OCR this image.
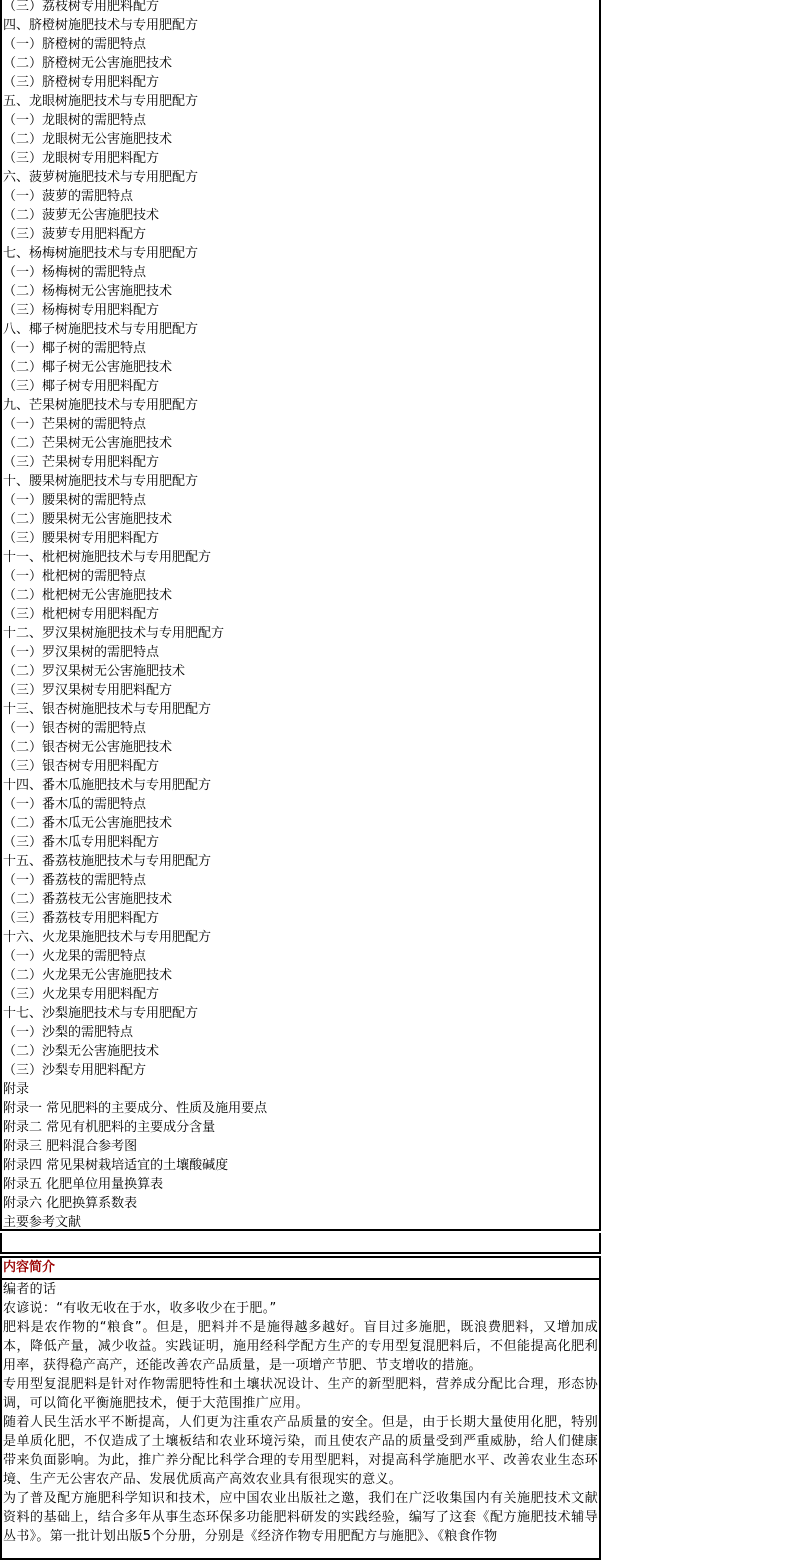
（三）荔枝树专用肥料配方
四、脐橙树施肥技术与专用肥配方
（一）脐橙树的需肥特点
（二）脐橙树无公害施肥技术
（三）脐橙树专用肥料配方
五、龙眼树施肥技术与专用肥配方
（一）龙眼树的需肥特点
（二）龙眼树无公害施肥技术
（三）龙眼树专用肥料配方
六、菠萝树施肥技术与专用肥配方
（一）菠萝的需肥特点
（二）菠萝无公害施肥技术
（三）菠萝专用肥料配方
七、杨梅树施肥技术与专用肥配方
（一）杨梅树的需肥特点
（二）杨梅树无公害施肥技术
（三）杨梅树专用肥料配方
八、椰子树施肥技术与专用肥配方
（一）椰子树的需肥特点
（二）椰子树无公害施肥技术
（三）椰子树专用肥料配方
九、芒果树施肥技术与专用肥配方
（一）芒果树的需肥特点
（二）芒果树无公害施肥技术
（三）芒果树专用肥料配方
十、腰果树施肥技术与专用肥配方
（一）腰果树的需肥特点
（二）腰果树无公害施肥技术
（三）腰果树专用肥料配方
十一、枇杷树施肥技术与专用肥配方
（一）枇杷树的需肥特点
（二）枇杷树无公害施肥技术
（三）枇杷树专用肥料配方
十二、罗汉果树施肥技术与专用肥配方
（一）罗汉果树的需肥特点
（二）罗汉果树无公害施肥技术
（三）罗汉果树专用肥料配方
十三、银杏树施肥技术与专用肥配方
（一）银杏树的需肥特点
（二）银杏树无公害施肥技术
（三）银杏树专用肥料配方
十四、番木瓜施肥技术与专用肥配方
（一）番木瓜的需肥特点
（二）番木瓜无公害施肥技术
（三）番木瓜专用肥料配方
十五、番荔枝施肥技术与专用肥配方
（一）番荔枝的需肥特点
（二）番荔枝无公害施肥技术
（三）番荔枝专用肥料配方
十六、火龙果施肥技术与专用肥配方
（一）火龙果的需肥特点
（二）火龙果无公害施肥技术
（三）火龙果专用肥料配方
十七、沙梨施肥技术与专用肥配方
（一）沙梨的需肥特点
（二）沙梨无公害施肥技术
（三）沙梨专用肥料配方
附录
附录一 常见肥料的主要成分、性质及施用要点
附录二 常见有机肥料的主要成分含量
附录三 肥料混合参考图
附录四 常见果树栽培适宜的土壤酸碱度
附录五 化肥单位用量换算表
附录六 化肥换算系数表
主要参考文献
内容简介

编者的话

农谚说：“有收无收在于水，收多收少在于肥。”

肥料是农作物的“粮食”。但是，肥料并不是施得越多越好。盲目过多施肥，既浪费肥料，又增加成本，降低产量，减少收益。实践证明，施用经科学配方生产的专用型复混肥料后，不但能提高化肥利用率，获得稳产高产，还能改善农产品质量，是一项增产节肥、节支增收的措施。

专用型复混肥料是针对作物需肥特性和土壤状况设计、生产的新型肥料，营养成分配比合理，形态协调，可以简化平衡施肥技术，便于大范围推广应用。

随着人民生活水平不断提高，人们更为注重农产品质量的安全。但是，由于长期大量使用化肥，特别是单质化肥，不仅造成了土壤板结和农业环境污染，而且使农产品的质量受到严重威胁，给人们健康带来负面影响。为此，推广养分配比科学合理的专用型肥料，对提高科学施肥水平、改善农业生态环境、生产无公害农产品、发展优质高产高效农业具有很现实的意义。

为了普及配方施肥科学知识和技术，应中国农业出版社之邀，我们在广泛收集国内有关施肥技术文献资料的基础上，结合多年从事生态环保多功能肥料研发的实践经验，编写了这套《配方施肥技术辅导丛书》。第一批计划出版5个分册，分别是《经济作物专用肥配方与施肥》、《粮食作物
